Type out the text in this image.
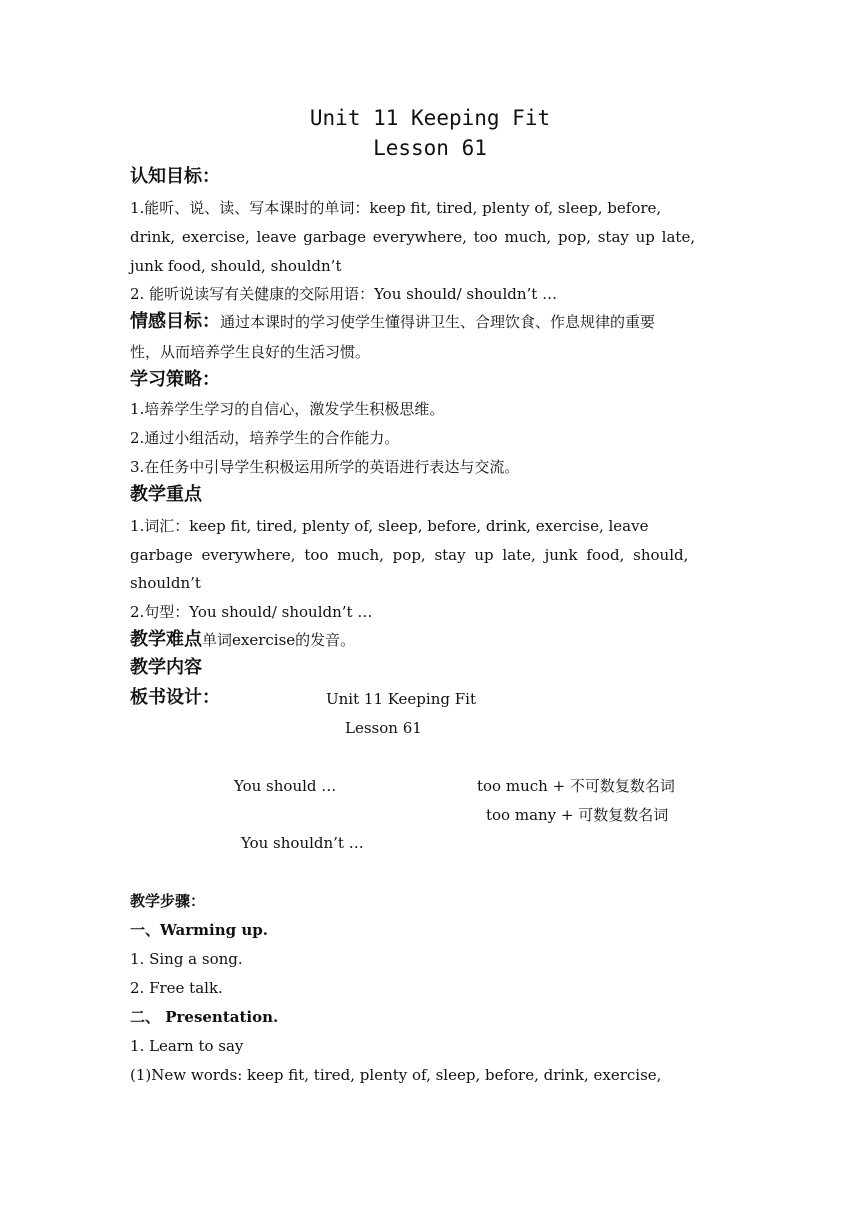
Unit 11 Keeping Fit
Lesson 61
认知目标：
1.能听、说、读、写本课时的单词：keep fit, tired, plenty of, sleep, before,
drink, exercise, leave garbage everywhere, too much, pop, stay up late,
junk food, should, shouldn’t
2. 能听说读写有关健康的交际用语：You should/ shouldn’t …
情感目标：通过本课时的学习使学生懂得讲卫生、合理饮食、作息规律的重要
性，从而培养学生良好的生活习惯。
学习策略：
1.培养学生学习的自信心，激发学生积极思维。
2.通过小组活动，培养学生的合作能力。
3.在任务中引导学生积极运用所学的英语进行表达与交流。
教学重点
1.词汇：keep fit, tired, plenty of, sleep, before, drink, exercise, leave
garbage everywhere, too much, pop, stay up late, junk food, should,
shouldn’t
2.句型：You should/ shouldn’t …
教学难点单词exercise的发音。
教学内容
板书设计：	Unit 11 Keeping Fit
Lesson 61
You should …	too much + 不可数复数名词
too many + 可数复数名词
You shouldn’t …
教学步骤：
一、Warming up.
1. Sing a song.
2. Free talk.
二、 Presentation.
1. Learn to say
(1)New words: keep fit, tired, plenty of, sleep, before, drink, exercise,
